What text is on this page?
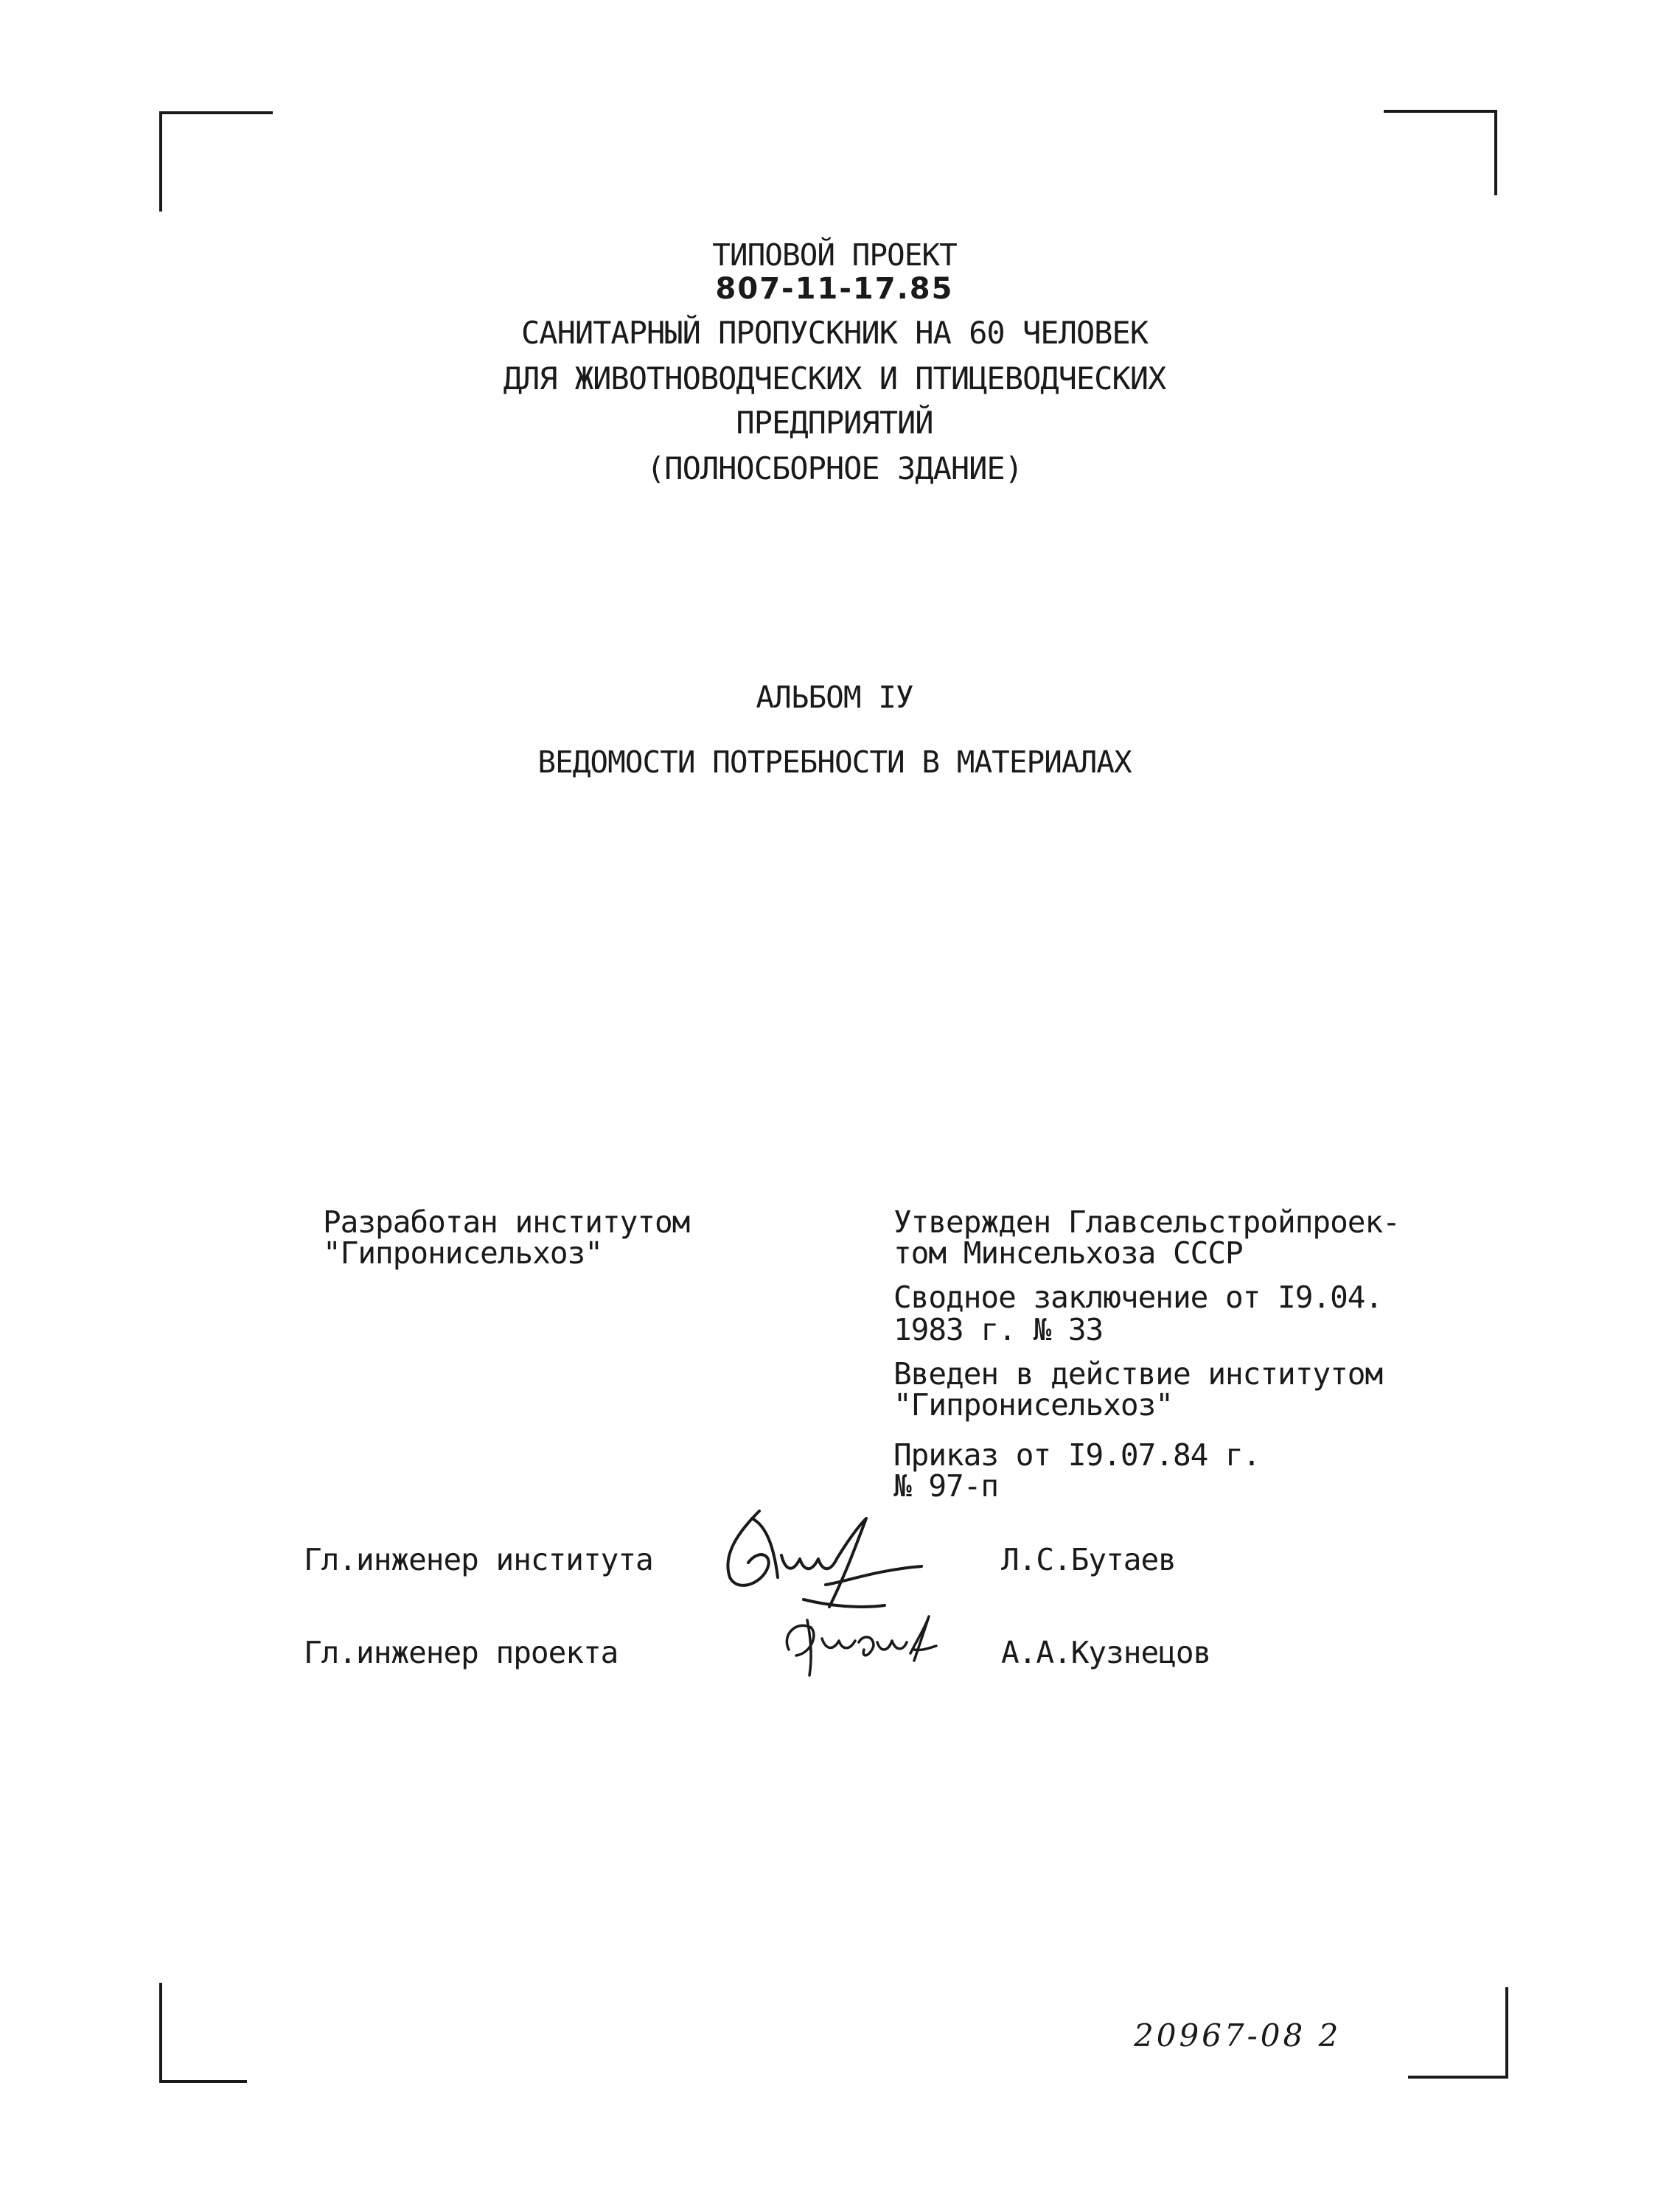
ТИПОВОЙ ПРОЕКТ
807-11-17.85
САНИТАРНЫЙ ПРОПУСКНИК НА 60 ЧЕЛОВЕК
ДЛЯ ЖИВОТНОВОДЧЕСКИХ И ПТИЦЕВОДЧЕСКИХ
ПРЕДПРИЯТИЙ
(ПОЛНОСБОРНОЕ ЗДАНИЕ)
АЛЬБОМ IУ
ВЕДОМОСТИ ПОТРЕБНОСТИ В МАТЕРИАЛАХ
Разработан институтом
"Гипронисельхоз"
Утвержден Главсельстройпроек-
том Минсельхоза СССР
Сводное заключение от I9.04.
1983 г. № 33
Введен в действие институтом
"Гипронисельхоз"
Приказ от I9.07.84 г.
№ 97-п
Гл.инженер института	Л.С.Бутаев
Гл.инженер проекта	А.А.Кузнецов
20967-08 2
